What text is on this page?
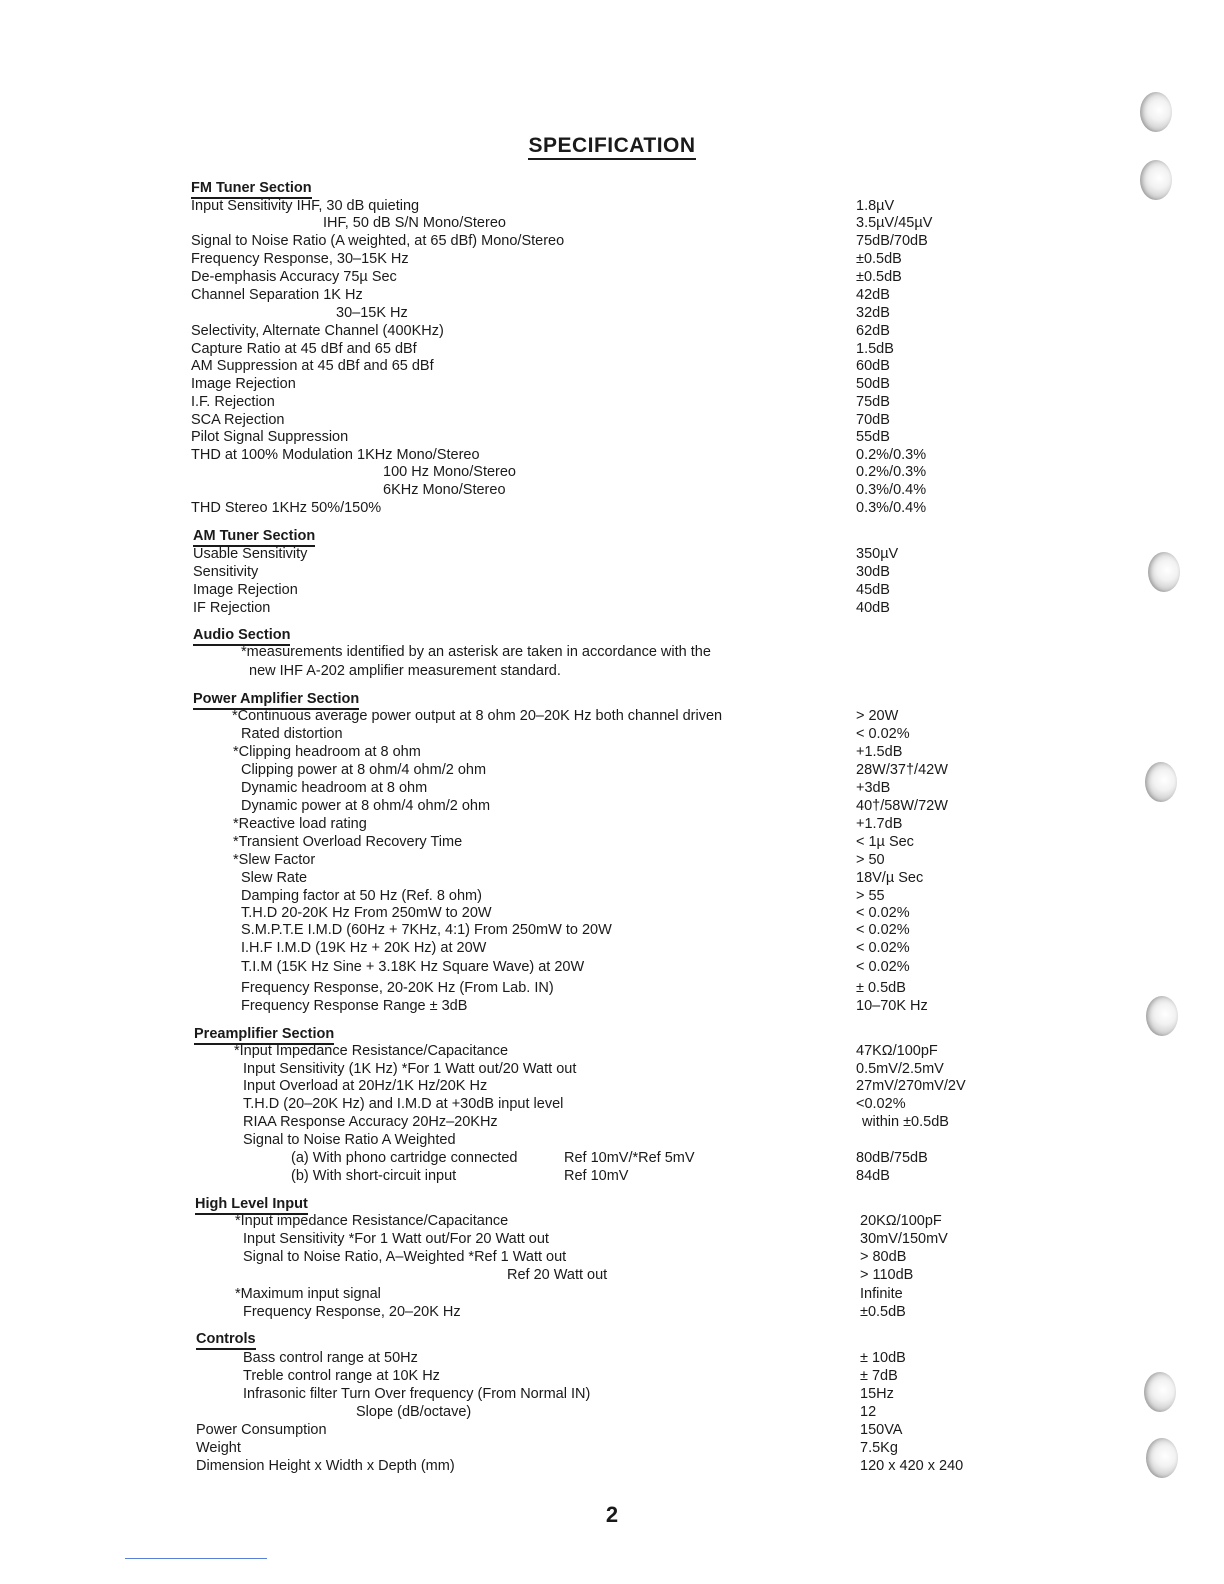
SPECIFICATION
FM Tuner Section
Input Sensitivity IHF, 30 dB quieting	1.8µV
IHF, 50 dB S/N Mono/Stereo	3.5µV/45µV
Signal to Noise Ratio (A weighted, at 65 dBf) Mono/Stereo	75dB/70dB
Frequency Response, 30–15K Hz	±0.5dB
De-emphasis Accuracy 75µ Sec	±0.5dB
Channel Separation 1K Hz	42dB
30–15K Hz	32dB
Selectivity, Alternate Channel (400KHz)	62dB
Capture Ratio at 45 dBf and 65 dBf	1.5dB
AM Suppression at 45 dBf and 65 dBf	60dB
Image Rejection	50dB
I.F. Rejection	75dB
SCA Rejection	70dB
Pilot Signal Suppression	55dB
THD at 100% Modulation 1KHz Mono/Stereo	0.2%/0.3%
100 Hz Mono/Stereo	0.2%/0.3%
6KHz Mono/Stereo	0.3%/0.4%
THD Stereo 1KHz 50%/150%	0.3%/0.4%
AM Tuner Section
Usable Sensitivity	350µV
Sensitivity	30dB
Image Rejection	45dB
IF Rejection	40dB
Audio Section
*measurements identified by an asterisk are taken in accordance with the
new IHF A-202 amplifier measurement standard.
Power Amplifier Section
*Continuous average power output at 8 ohm 20–20K Hz both channel driven	> 20W
Rated distortion	< 0.02%
*Clipping headroom at 8 ohm	+1.5dB
Clipping power at 8 ohm/4 ohm/2 ohm	28W/37†/42W
Dynamic headroom at 8 ohm	+3dB
Dynamic power at 8 ohm/4 ohm/2 ohm	40†/58W/72W
*Reactive load rating	+1.7dB
*Transient Overload Recovery Time	< 1µ Sec
*Slew Factor	> 50
Slew Rate	18V/µ Sec
Damping factor at 50 Hz (Ref. 8 ohm)	> 55
T.H.D 20-20K Hz From 250mW to 20W	< 0.02%
S.M.P.T.E I.M.D (60Hz + 7KHz, 4:1) From 250mW to 20W	< 0.02%
I.H.F I.M.D (19K Hz + 20K Hz) at 20W	< 0.02%
T.I.M (15K Hz Sine + 3.18K Hz Square Wave) at 20W	< 0.02%
Frequency Response, 20-20K Hz (From Lab. IN)	± 0.5dB
Frequency Response Range ± 3dB	10–70K Hz
Preamplifier Section
*Input Impedance Resistance/Capacitance	47KΩ/100pF
Input Sensitivity (1K Hz) *For 1 Watt out/20 Watt out	0.5mV/2.5mV
Input Overload at 20Hz/1K Hz/20K Hz	27mV/270mV/2V
T.H.D (20–20K Hz) and I.M.D at +30dB input level	<0.02%
RIAA Response Accuracy 20Hz–20KHz	within ±0.5dB
Signal to Noise Ratio A Weighted
(a) With phono cartridge connected	Ref 10mV/*Ref 5mV	80dB/75dB
(b) With short-circuit input	Ref 10mV	84dB
High Level Input
*Input impedance Resistance/Capacitance	20KΩ/100pF
Input Sensitivity *For 1 Watt out/For 20 Watt out	30mV/150mV
Signal to Noise Ratio, A–Weighted *Ref 1 Watt out	> 80dB
Ref 20 Watt out	> 110dB
*Maximum input signal	Infinite
Frequency Response, 20–20K Hz	±0.5dB
Controls
Bass control range at 50Hz	± 10dB
Treble control range at 10K Hz	± 7dB
Infrasonic filter Turn Over frequency (From Normal IN)	15Hz
Slope (dB/octave)	12
Power Consumption	150VA
Weight	7.5Kg
Dimension Height x Width x Depth (mm)	120 x 420 x 240
2
